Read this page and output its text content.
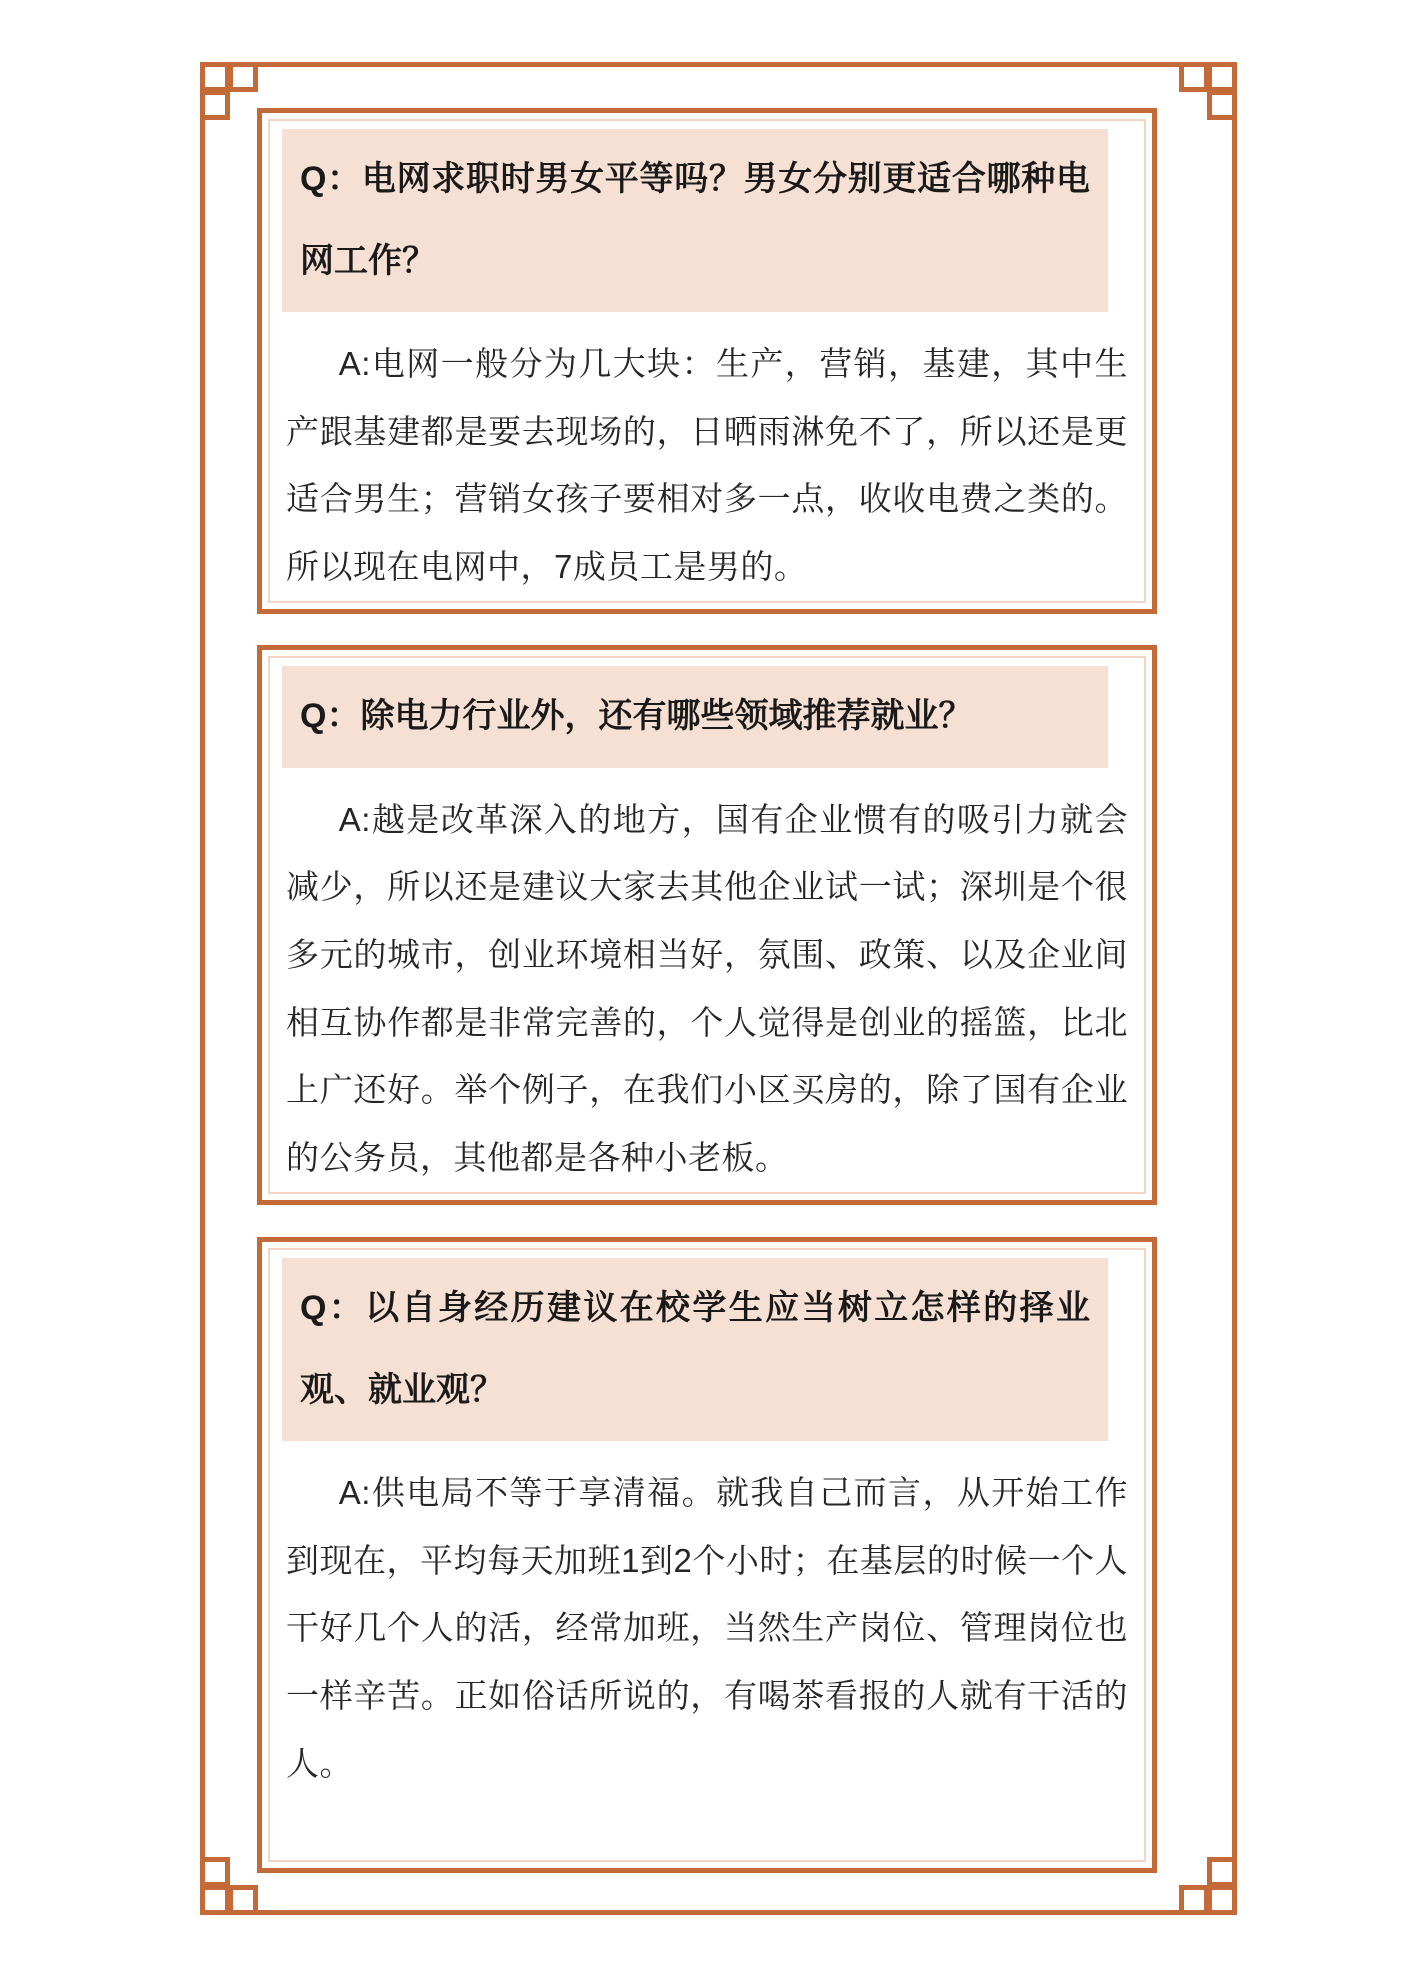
Q：电网求职时男女平等吗？男女分别更适合哪种电网工作？

A:电网一般分为几大块：生产，营销，基建，其中生产跟基建都是要去现场的，日晒雨淋免不了，所以还是更适合男生；营销女孩子要相对多一点，收收电费之类的。所以现在电网中，7成员工是男的。

Q：除电力行业外，还有哪些领域推荐就业？

A:越是改革深入的地方，国有企业惯有的吸引力就会减少，所以还是建议大家去其他企业试一试；深圳是个很多元的城市，创业环境相当好，氛围、政策、以及企业间相互协作都是非常完善的，个人觉得是创业的摇篮，比北上广还好。举个例子，在我们小区买房的，除了国有企业的公务员，其他都是各种小老板。

Q：以自身经历建议在校学生应当树立怎样的择业观、就业观？

A:供电局不等于享清福。就我自己而言，从开始工作到现在，平均每天加班1到2个小时；在基层的时候一个人干好几个人的活，经常加班，当然生产岗位、管理岗位也一样辛苦。正如俗话所说的，有喝茶看报的人就有干活的人。
